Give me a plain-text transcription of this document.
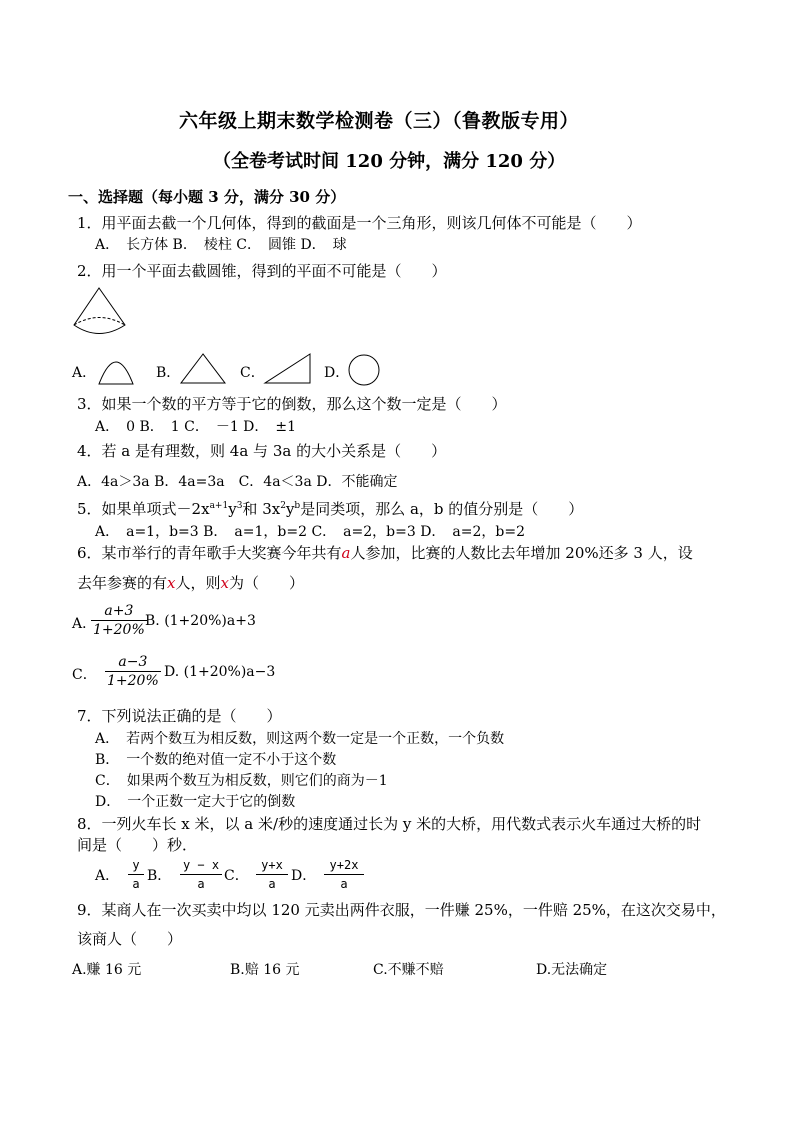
六年级上期末数学检测卷（三）（鲁教版专用）
（全卷考试时间 120 分钟，满分 120 分）
一、选择题（每小题 3 分，满分 30 分）
1．用平面去截一个几何体，得到的截面是一个三角形，则该几何体不可能是（　　）
A．　长方体 B．　棱柱 C．　圆锥 D．　球
2．用一个平面去截圆锥，得到的平面不可能是（　　）
A．	B．	C．	D．
3．如果一个数的平方等于它的倒数，那么这个数一定是（　　）
A．　0 B．　1 C．　－1 D．　±1
4．若 a 是有理数，则 4a 与 3a 的大小关系是（　　）
A．4a＞3a B．4a=3a　C．4a＜3a D．不能确定
5．如果单项式$-2x^{a+1}y^3$和 $3x^2y^b$是同类项，那么 a，b 的值分别是（　　）
A．　a=1，b=3 B．　a=1，b=2 C．　a=2，b=3 D．　a=2，b=2
6．某市举行的青年歌手大奖赛今年共有a人参加，比赛的人数比去年增加 20%还多 3 人，设
去年参赛的有x人，则x为（　　）
A．
a+3
1+20%
B. (1+20%)a+3
C．
a−3
1+20%
D. (1+20%)a−3
7．下列说法正确的是（　　）
A．　若两个数互为相反数，则这两个数一定是一个正数，一个负数
B．　一个数的绝对值一定不小于这个数
C．　如果两个数互为相反数，则它们的商为－1
D．　一个正数一定大于它的倒数
8．一列火车长 x 米，以 a 米/秒的速度通过长为 y 米的大桥，用代数式表示火车通过大桥的时
间是（　　）秒．
A．
y
a B．
y − x
a	C．
y+x
a	D．
y+2x
a
9．某商人在一次买卖中均以 120 元卖出两件衣服，一件赚 25%，一件赔 25%，在这次交易中，
该商人（　　）
A.赚 16 元	B.赔 16 元	C.不赚不赔	D.无法确定
